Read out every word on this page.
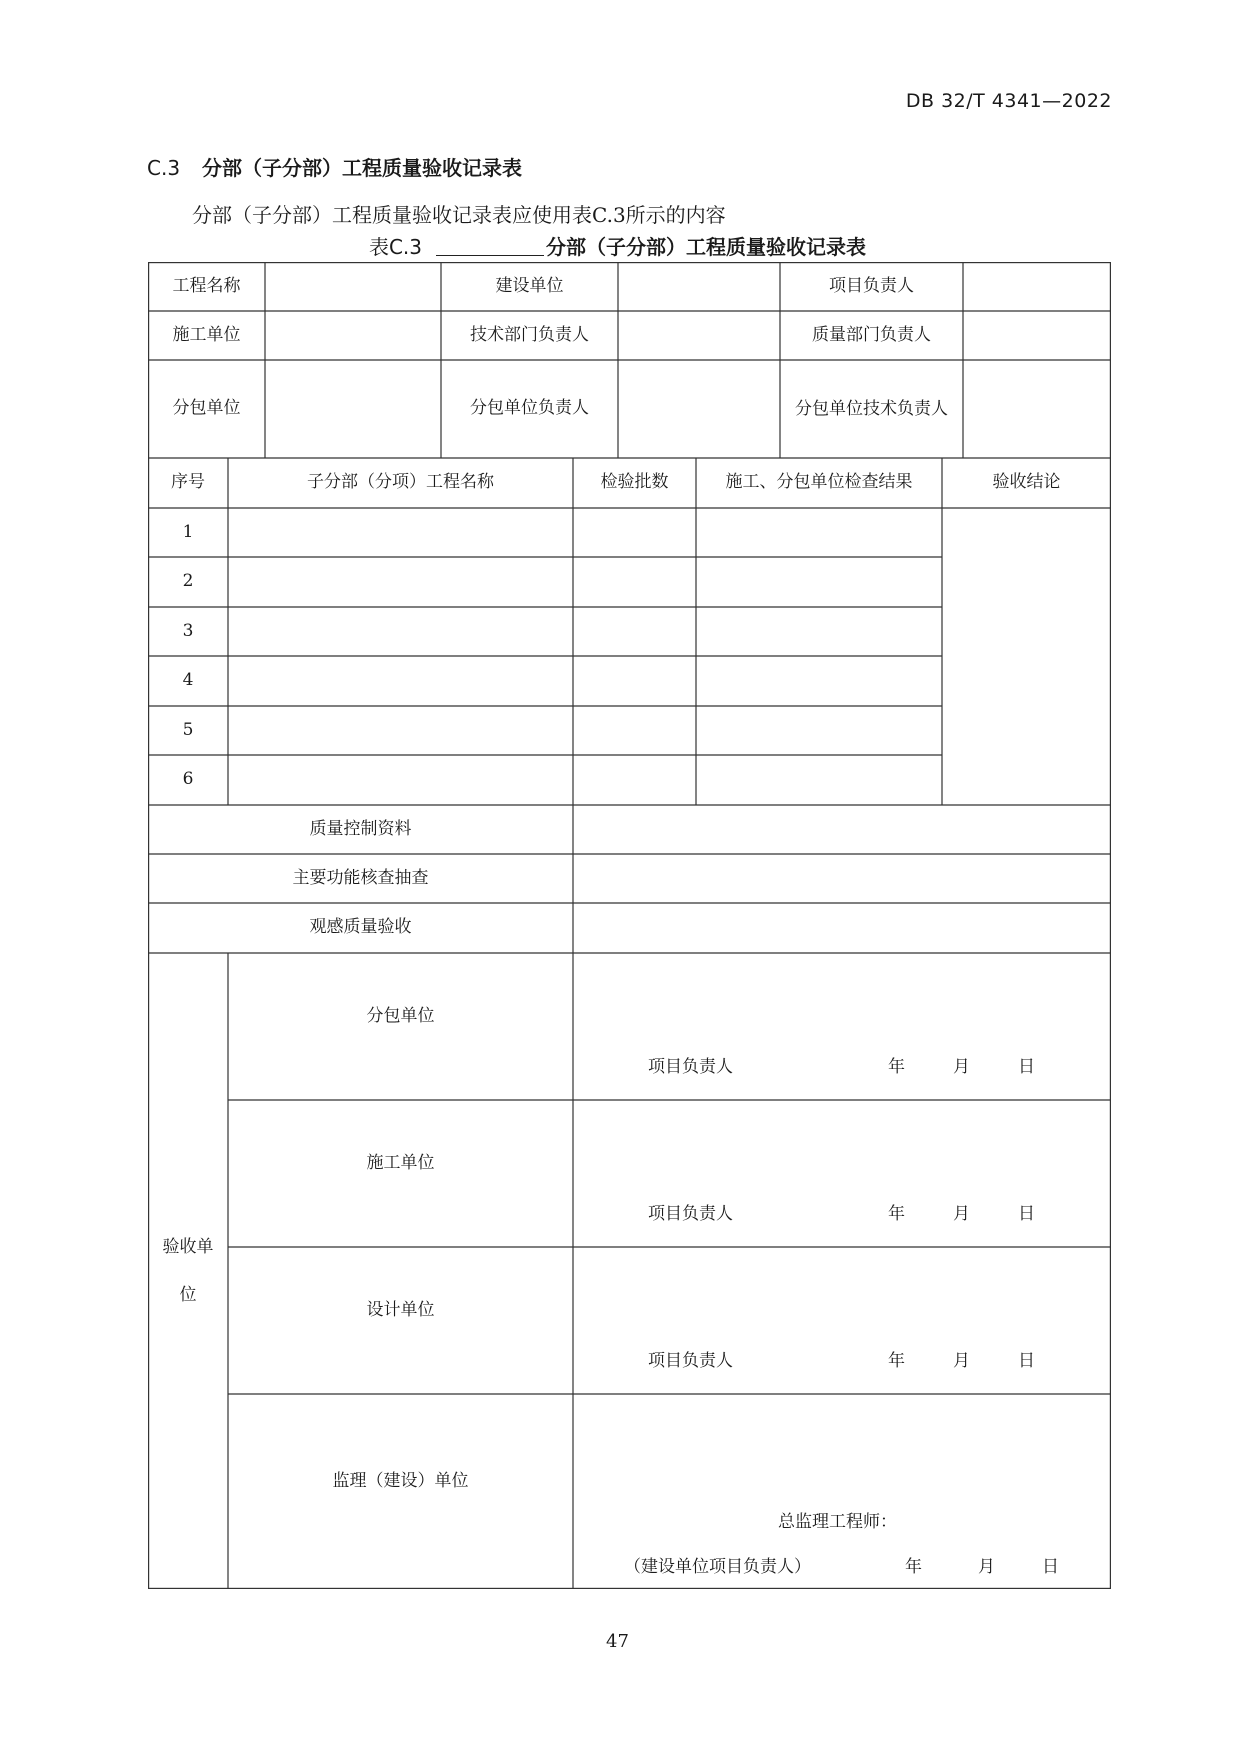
DB 32/T 4341—2022
C.3 分部（子分部）工程质量验收记录表
分部（子分部）工程质量验收记录表应使用表C.3所示的内容
表C.3	分部（子分部）工程质量验收记录表
工程名称	建设单位	项目负责人
施工单位	技术部门负责人	质量部门负责人
分包单位	分包单位负责人	分包单位技术负责人
序号	子分部（分项）工程名称	检验批数	施工、分包单位检查结果	验收结论
1
2
3
4
5
6
质量控制资料
主要功能核查抽查
观感质量验收
验收单位
分包单位
项目负责人	年	月	日
施工单位
项目负责人	年	月	日
设计单位
项目负责人	年	月	日
监理（建设）单位
总监理工程师：
（建设单位项目负责人）	年	月	日
47
